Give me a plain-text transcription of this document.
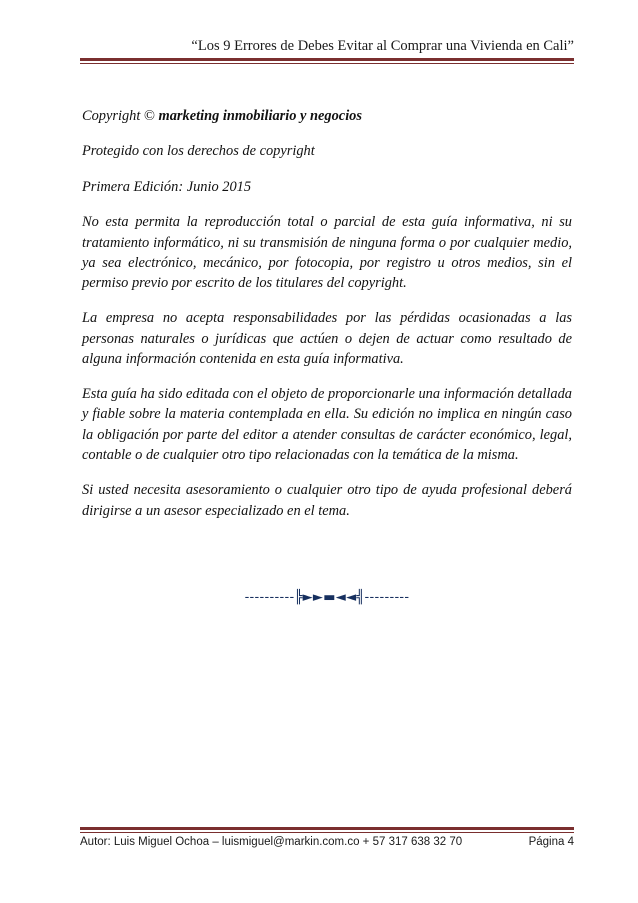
“Los 9 Errores de Debes Evitar al Comprar una Vivienda en Cali”

Copyright © marketing inmobiliario y negocios

Protegido con los derechos de copyright

Primera Edición: Junio 2015

No esta permita la reproducción total o parcial de esta guía informativa, ni su tratamiento informático, ni su transmisión de ninguna forma o por cualquier medio, ya sea electrónico, mecánico, por fotocopia, por registro u otros medios, sin el permiso previo por escrito de los titulares del copyright.

La empresa no acepta responsabilidades por las pérdidas ocasionadas a las personas naturales o jurídicas que actúen o dejen de actuar como resultado de alguna información contenida en esta guía informativa.

Esta guía ha sido editada con el objeto de proporcionarle una información detallada y fiable sobre la materia contemplada en ella. Su edición no implica en ningún caso la obligación por parte del editor a atender consultas de carácter económico, legal, contable o de cualquier otro tipo relacionadas con la temática de la misma.

Si usted necesita asesoramiento o cualquier otro tipo de ayuda profesional deberá dirigirse a un asesor especializado en el tema.

----------╠►►▬◄◄╣---------
Autor: Luis Miguel Ochoa – luismiguel@markin.com.co + 57 317 638 32 70	Página 4
